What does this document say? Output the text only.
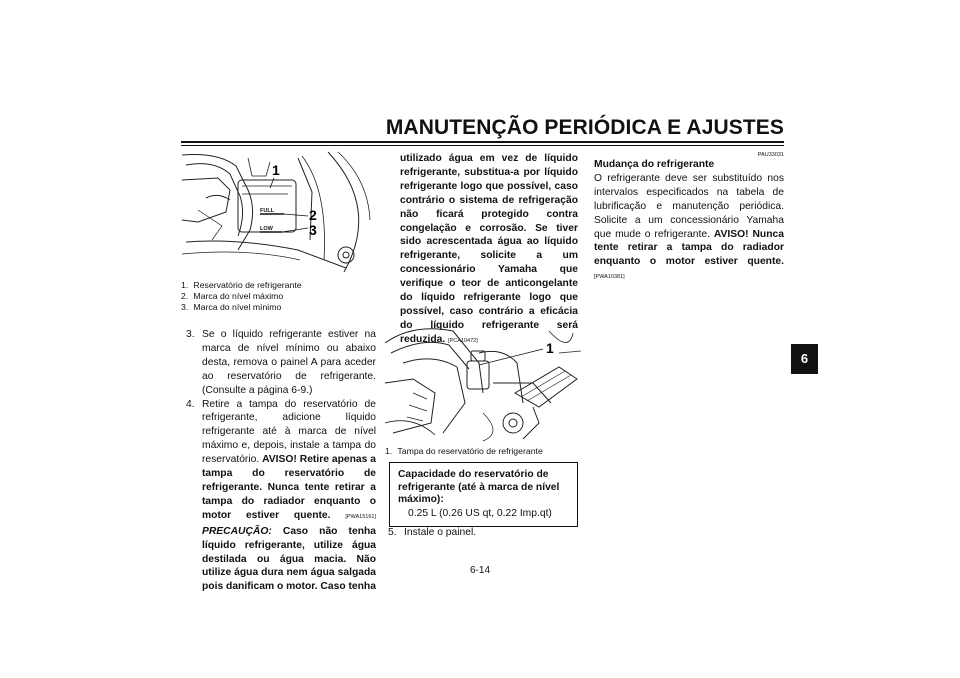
MANUTENÇÃO PERIÓDICA E AJUSTES
6
FULL
LOW
1
2
3
1.
Reservatório de refrigerante
2.
Marca do nível máximo
3.
Marca do nível mínimo
3. Se o líquido refrigerante estiver na marca de nível mínimo ou abaixo desta, remova o painel A para aceder ao reservatório de refrigerante. (Consulte a página 6-9.)
4. Retire a tampa do reservatório de refrigerante, adicione líquido refrigerante até à marca de nível máximo e, depois, instale a tampa do reservatório. AVISO! Retire apenas a tampa do reservatório de refrigerante. Nunca tente retirar a tampa do radiador enquanto o motor estiver quente.	[PWA15161] PRECAUÇÃO: Caso não tenha líquido refrigerante, utilize água destilada ou água macia. Não utilize água dura nem água salgada pois danificam o motor. Caso tenha
utilizado água em vez de líquido refrigerante, substitua-a por líquido refrigerante logo que possível, caso contrário o sistema de refrigeração não ficará protegido contra congelação e corrosão. Se tiver sido acrescentada água ao líquido refrigerante, solicite a um concessionário Yamaha que verifique o teor de anticongelante do líquido refrigerante logo que possível, caso contrário a eficácia do líquido refrigerante será reduzida. [PCA10472]	1
1.
Tampa do reservatório de refrigerante
Capacidade do reservatório de refrigerante (até à marca de nível máximo):
0.25 L (0.26 US qt, 0.22 Imp.qt)
5. Instale o painel.
PAU33031
Mudança do refrigerante
O refrigerante deve ser substituído nos intervalos especificados na tabela de lubrificação e manutenção periódica. Solicite a um concessionário Yamaha que mude o refrigerante. AVISO! Nunca tente retirar a tampa do radiador enquanto o motor estiver quente. [PWA10381]
6-14
